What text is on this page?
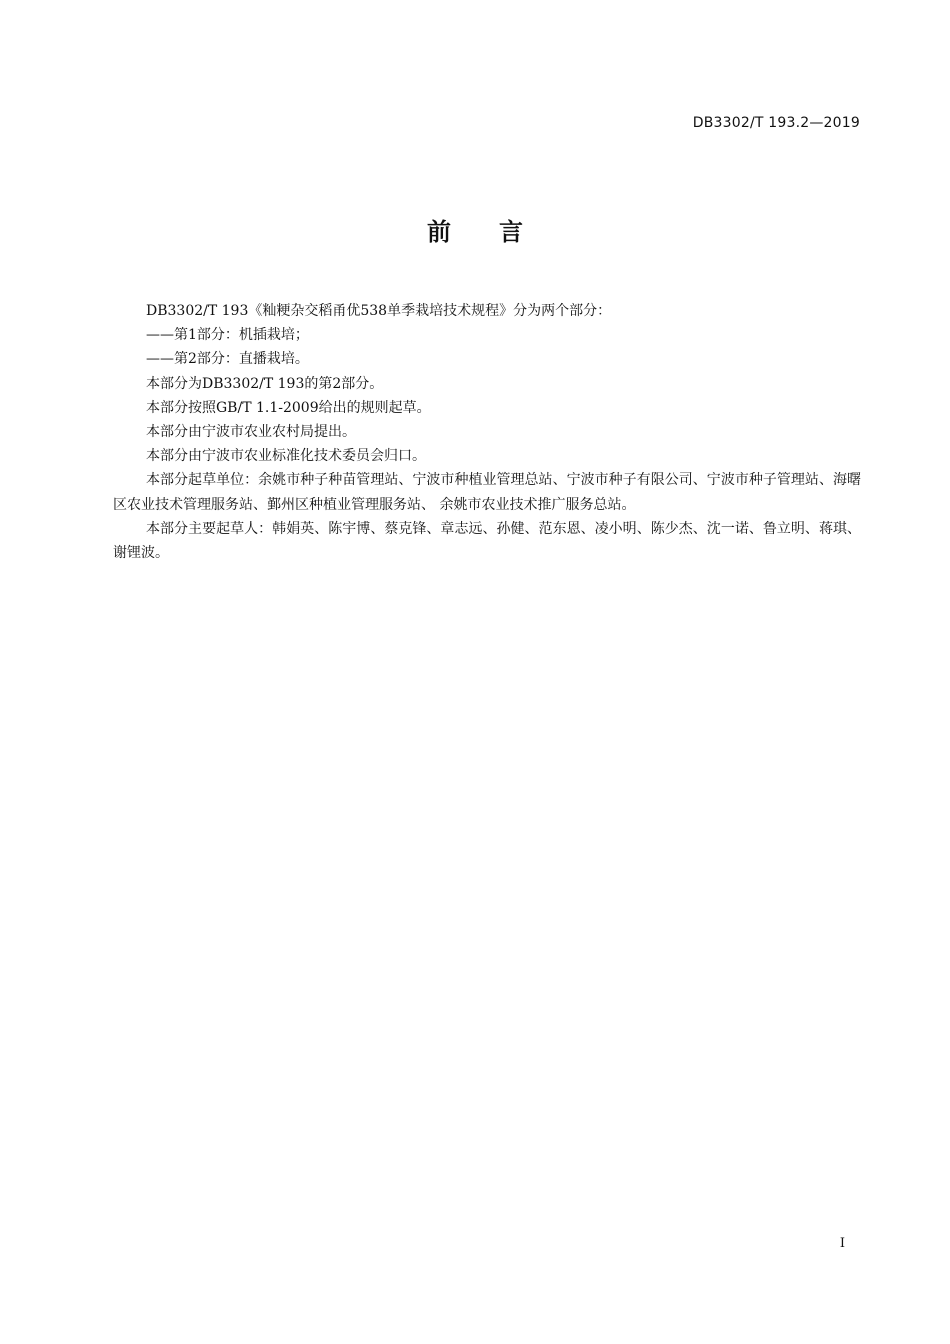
DB3302/T 193.2—2019
前言

DB3302/T 193《籼粳杂交稻甬优538单季栽培技术规程》分为两个部分：

——第1部分：机插栽培；

——第2部分：直播栽培。

本部分为DB3302/T 193的第2部分。

本部分按照GB/T 1.1-2009给出的规则起草。

本部分由宁波市农业农村局提出。

本部分由宁波市农业标准化技术委员会归口。

本部分起草单位：余姚市种子种苗管理站、宁波市种植业管理总站、宁波市种子有限公司、宁波市种子管理站、海曙区农业技术管理服务站、鄞州区种植业管理服务站、 余姚市农业技术推广服务总站。

本部分主要起草人：韩娟英、陈宇博、蔡克锋、章志远、孙健、范东恩、凌小明、陈少杰、沈一诺、鲁立明、蒋琪、谢锂波。

I
